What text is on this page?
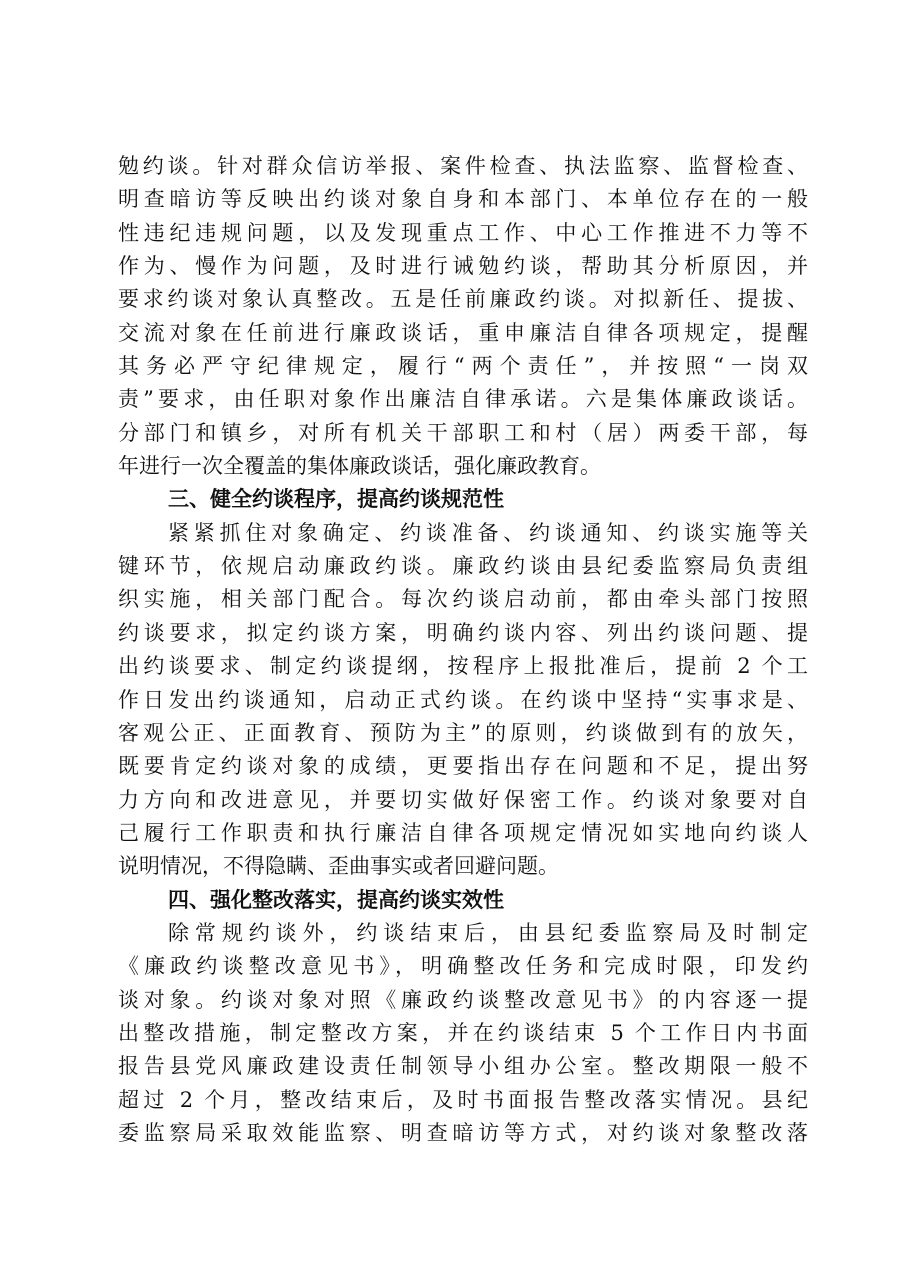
勉约谈。针对群众信访举报、案件检查、执法监察、监督检查、
明查暗访等反映出约谈对象自身和本部门、本单位存在的一般
性违纪违规问题，以及发现重点工作、中心工作推进不力等不
作为、慢作为问题，及时进行诫勉约谈，帮助其分析原因，并
要求约谈对象认真整改。五是任前廉政约谈。对拟新任、提拔、
交流对象在任前进行廉政谈话，重申廉洁自律各项规定，提醒
其务必严守纪律规定，履行“两个责任”，并按照“一岗双
责”要求，由任职对象作出廉洁自律承诺。六是集体廉政谈话。
分部门和镇乡，对所有机关干部职工和村（居）两委干部，每
年进行一次全覆盖的集体廉政谈话，强化廉政教育。
三、健全约谈程序，提高约谈规范性
紧紧抓住对象确定、约谈准备、约谈通知、约谈实施等关
键环节，依规启动廉政约谈。廉政约谈由县纪委监察局负责组
织实施，相关部门配合。每次约谈启动前，都由牵头部门按照
约谈要求，拟定约谈方案，明确约谈内容、列出约谈问题、提
出约谈要求、制定约谈提纲，按程序上报批准后，提前 2 个工
作日发出约谈通知，启动正式约谈。在约谈中坚持“实事求是、
客观公正、正面教育、预防为主”的原则，约谈做到有的放矢，
既要肯定约谈对象的成绩，更要指出存在问题和不足，提出努
力方向和改进意见，并要切实做好保密工作。约谈对象要对自
己履行工作职责和执行廉洁自律各项规定情况如实地向约谈人
说明情况，不得隐瞒、歪曲事实或者回避问题。
四、强化整改落实，提高约谈实效性
除常规约谈外，约谈结束后，由县纪委监察局及时制定
《廉政约谈整改意见书》，明确整改任务和完成时限，印发约
谈对象。约谈对象对照《廉政约谈整改意见书》的内容逐一提
出整改措施，制定整改方案，并在约谈结束 5 个工作日内书面
报告县党风廉政建设责任制领导小组办公室。整改期限一般不
超过 2 个月，整改结束后，及时书面报告整改落实情况。县纪
委监察局采取效能监察、明查暗访等方式，对约谈对象整改落
